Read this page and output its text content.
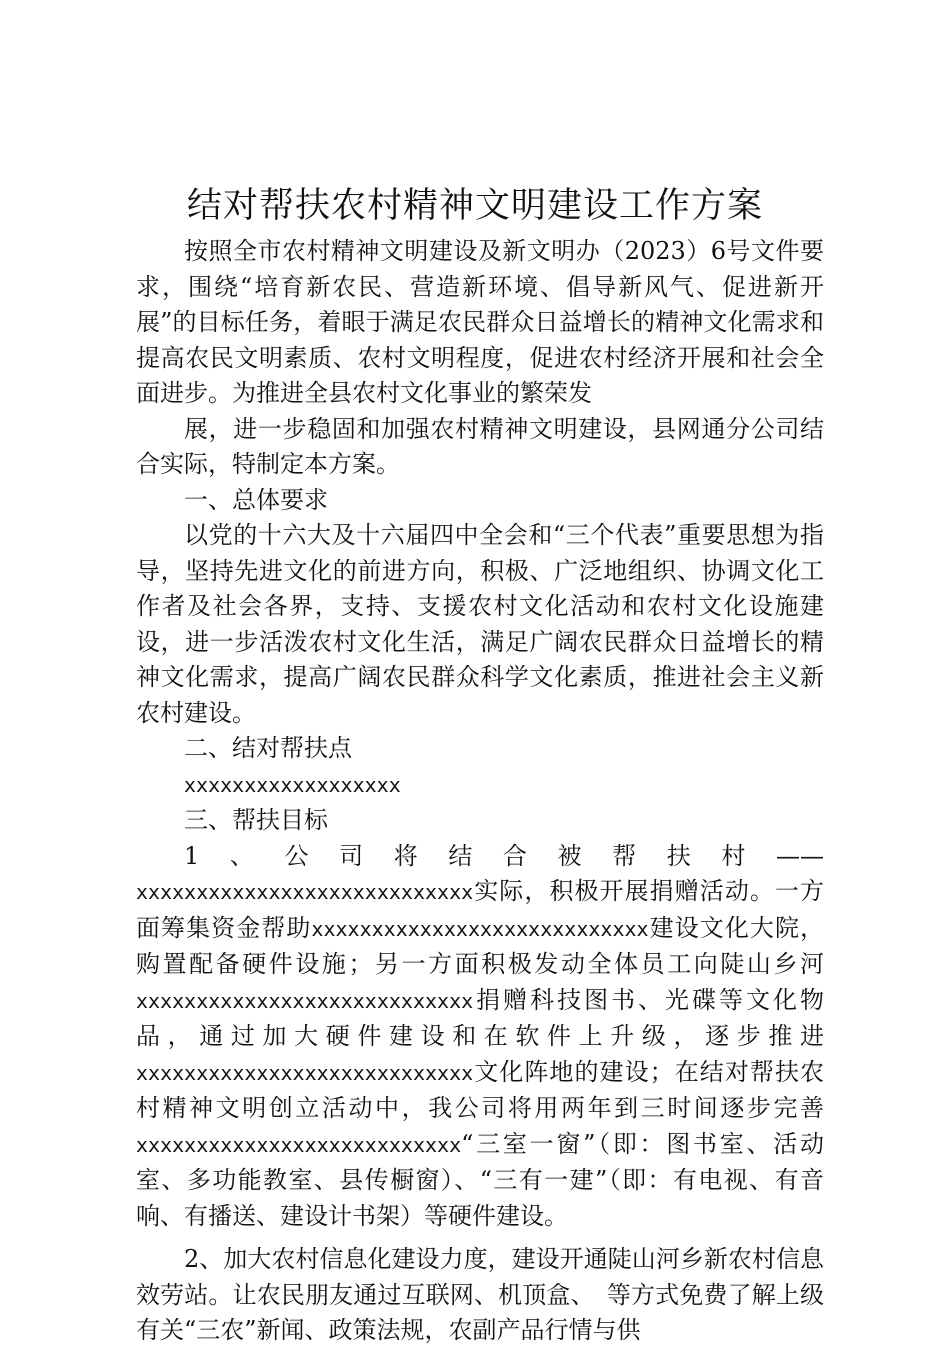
结对帮扶农村精神文明建设工作方案

按照全市农村精神文明建设及新文明办（2023）6号文件要求，围绕“培育新农民、营造新环境、倡导新风气、促进新开展”的目标任务，着眼于满足农民群众日益增长的精神文化需求和提高农民文明素质、农村文明程度，促进农村经济开展和社会全面进步。为推进全县农村文化事业的繁荣发

展，进一步稳固和加强农村精神文明建设，县网通分公司结合实际，特制定本方案。

一、总体要求

以党的十六大及十六届四中全会和“三个代表”重要思想为指导，坚持先进文化的前进方向，积极、广泛地组织、协调文化工作者及社会各界，支持、支援农村文化活动和农村文化设施建设，进一步活泼农村文化生活，满足广阔农民群众日益增长的精神文化需求，提高广阔农民群众科学文化素质，推进社会主义新农村建设。

二、结对帮扶点

xxxxxxxxxxxxxxxxxx

三、帮扶目标

1、公司将结合被帮扶村——xxxxxxxxxxxxxxxxxxxxxxxxxxxx实际，积极开展捐赠活动。一方面筹集资金帮助xxxxxxxxxxxxxxxxxxxxxxxxxxxx建设文化大院，购置配备硬件设施；另一方面积极发动全体员工向陡山乡河xxxxxxxxxxxxxxxxxxxxxxxxxxxx捐赠科技图书、光碟等文化物品，通过加大硬件建设和在软件上升级，逐步推进xxxxxxxxxxxxxxxxxxxxxxxxxxxx文化阵地的建设；在结对帮扶农村精神文明创立活动中，我公司将用两年到三时间逐步完善xxxxxxxxxxxxxxxxxxxxxxxxxxx“三室一窗”（即：图书室、活动室、多功能教室、县传橱窗）、“三有一建”（即：有电视、有音响、有播送、建设计书架）等硬件建设。

2、加大农村信息化建设力度，建设开通陡山河乡新农村信息效劳站。让农民朋友通过互联网、机顶盒、　等方式免费了解上级有关“三农”新闻、政策法规，农副产品行情与供
